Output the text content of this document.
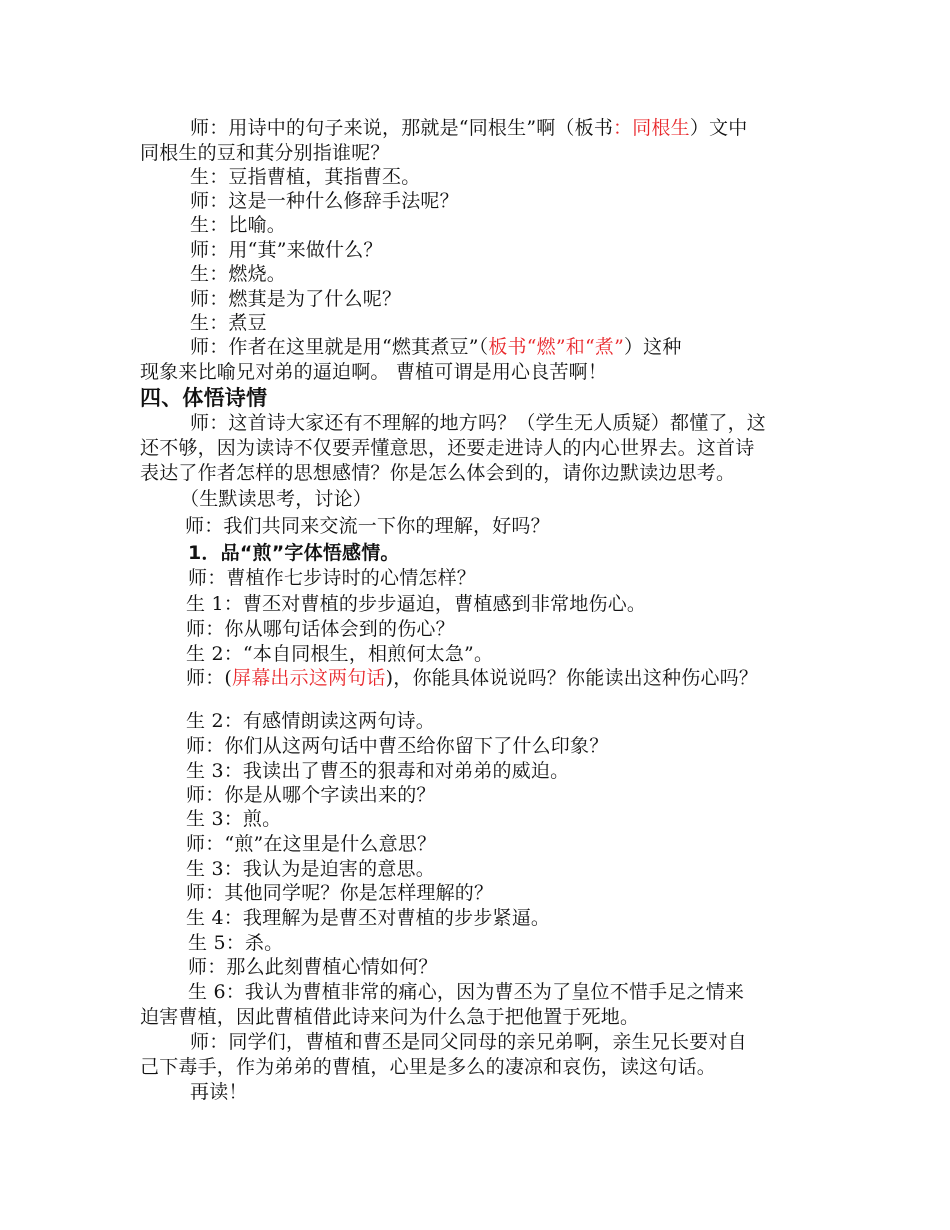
师：用诗中的句子来说，那就是“同根生”啊（板书：同根生）文中
同根生的豆和萁分别指谁呢？
生：豆指曹植，萁指曹丕。
师：这是一种什么修辞手法呢？
生：比喻。
师：用“萁”来做什么？
生：燃烧。
师：燃萁是为了什么呢？
生：煮豆
师：作者在这里就是用“燃萁煮豆”（板书“燃”和“煮”）这种
现象来比喻兄对弟的逼迫啊。 曹植可谓是用心良苦啊！
四、体悟诗情
师：这首诗大家还有不理解的地方吗？（学生无人质疑）都懂了，这
还不够，因为读诗不仅要弄懂意思，还要走进诗人的内心世界去。这首诗
表达了作者怎样的思想感情？你是怎么体会到的，请你边默读边思考。
（生默读思考，讨论）
师：我们共同来交流一下你的理解，好吗？
1．品“煎”字体悟感情。
师：曹植作七步诗时的心情怎样？
生 1：曹丕对曹植的步步逼迫，曹植感到非常地伤心。
师：你从哪句话体会到的伤心？
生 2：“本自同根生，相煎何太急”。
师：(屏幕出示这两句话)，你能具体说说吗？你能读出这种伤心吗？
生 2：有感情朗读这两句诗。
师：你们从这两句话中曹丕给你留下了什么印象？
生 3：我读出了曹丕的狠毒和对弟弟的威迫。
师：你是从哪个字读出来的？
生 3：煎。
师：“煎”在这里是什么意思？
生 3：我认为是迫害的意思。
师：其他同学呢？你是怎样理解的？
生 4：我理解为是曹丕对曹植的步步紧逼。
生 5：杀。
师：那么此刻曹植心情如何？
生 6：我认为曹植非常的痛心，因为曹丕为了皇位不惜手足之情来
迫害曹植，因此曹植借此诗来问为什么急于把他置于死地。
师：同学们，曹植和曹丕是同父同母的亲兄弟啊，亲生兄长要对自
己下毒手，作为弟弟的曹植，心里是多么的凄凉和哀伤，读这句话。
再读！
